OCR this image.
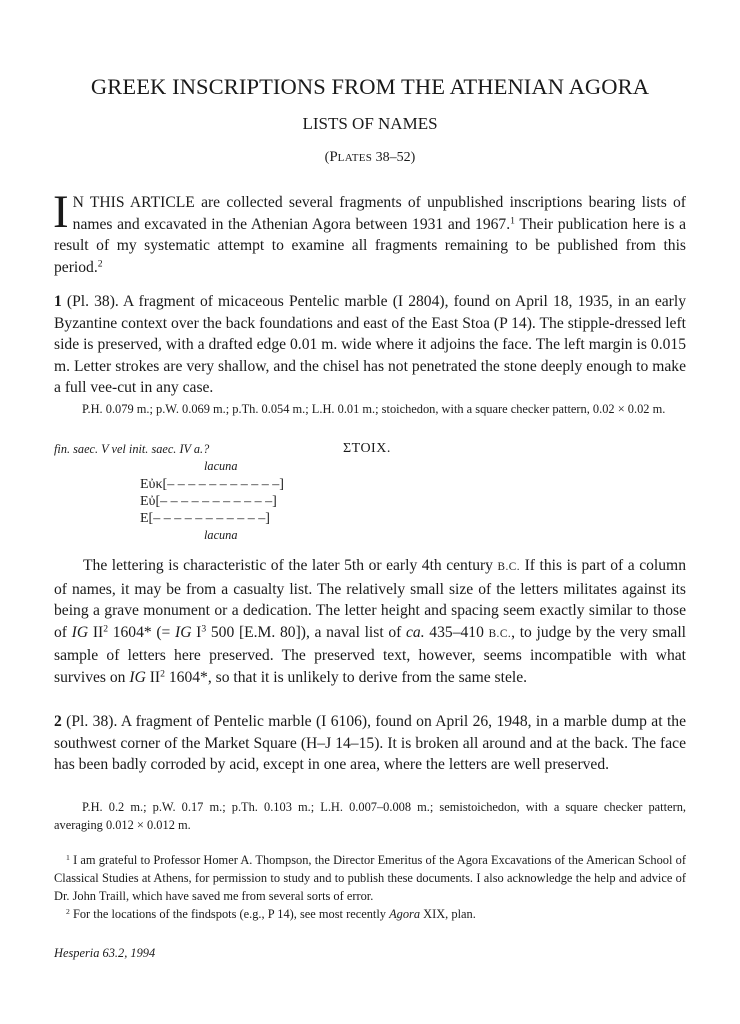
GREEK INSCRIPTIONS FROM THE ATHENIAN AGORA
LISTS OF NAMES
(PLATES 38–52)

I N THIS ARTICLE are collected several fragments of unpublished inscriptions bearing lists of names and excavated in the Athenian Agora between 1931 and 1967.$^1$ Their publication here is a result of my systematic attempt to examine all fragments remaining to be published from this period.$^2$

1 (Pl. 38). A fragment of micaceous Pentelic marble (I 2804), found on April 18, 1935, in an early Byzantine context over the back foundations and east of the East Stoa (P 14). The stipple-dressed left side is preserved, with a drafted edge 0.01 m. wide where it adjoins the face. The left margin is 0.015 m. Letter strokes are very shallow, and the chisel has not penetrated the stone deeply enough to make a full vee-cut in any case.

P.H. 0.079 m.; p.W. 0.069 m.; p.Th. 0.054 m.; L.H. 0.01 m.; stoichedon, with a square checker pattern, 0.02 × 0.02 m.

fin. saec. V vel init. saec. IV a.?	ΣΤΟΙΧ.
lacuna
Εὐκ[– – – – – – – – – – –]
Εὐ[– – – – – – – – – – –]
Ε[– – – – – – – – – – –]
lacuna

The lettering is characteristic of the later 5th or early 4th century B.C. If this is part of a column of names, it may be from a casualty list. The relatively small size of the letters militates against its being a grave monument or a dedication. The letter height and spacing seem exactly similar to those of IG $II^2$ 1604* (= IG $I^3$ 500 [E.M. 80]), a naval list of ca. 435–410 B.C., to judge by the very small sample of letters here preserved. The preserved text, however, seems incompatible with what survives on IG $II^2$ 1604*, so that it is unlikely to derive from the same stele.

2 (Pl. 38). A fragment of Pentelic marble (I 6106), found on April 26, 1948, in a marble dump at the southwest corner of the Market Square (H–J 14–15). It is broken all around and at the back. The face has been badly corroded by acid, except in one area, where the letters are well preserved.

P.H. 0.2 m.; p.W. 0.17 m.; p.Th. 0.103 m.; L.H. 0.007–0.008 m.; semistoichedon, with a square checker pattern, averaging 0.012 × 0.012 m.

$^1$ I am grateful to Professor Homer A. Thompson, the Director Emeritus of the Agora Excavations of the American School of Classical Studies at Athens, for permission to study and to publish these documents. I also acknowledge the help and advice of Dr. John Traill, which have saved me from several sorts of error.

$^2$ For the locations of the findspots (e.g., P 14), see most recently Agora XIX, plan.

Hesperia 63.2, 1994
